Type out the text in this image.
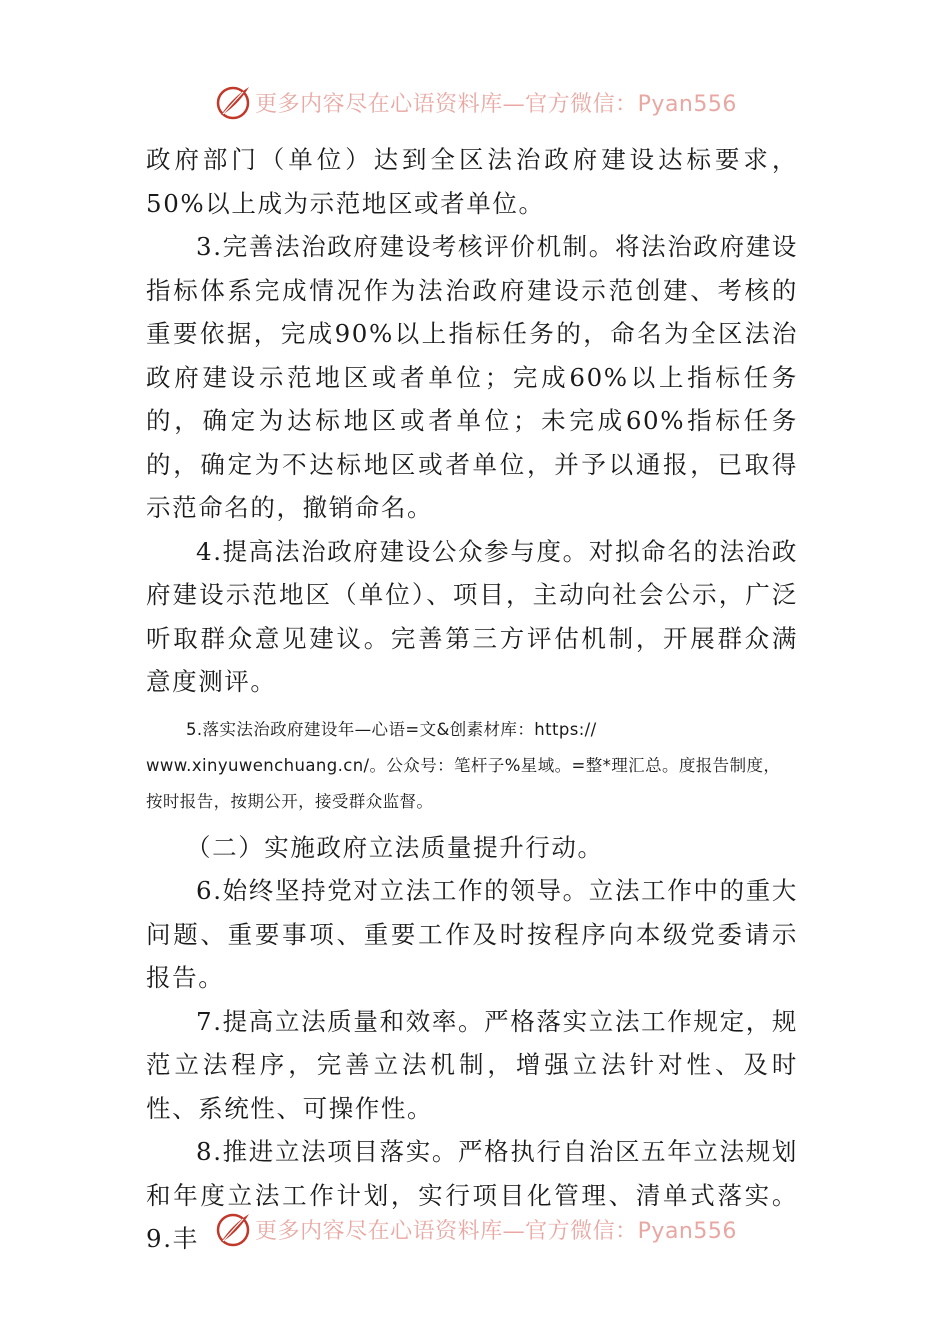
更多内容尽在心语资料库—官方微信：Pyan556

政府部门（单位）达到全区法治政府建设达标要求，50%以上成为示范地区或者单位。

3.完善法治政府建设考核评价机制。将法治政府建设指标体系完成情况作为法治政府建设示范创建、考核的重要依据，完成90%以上指标任务的，命名为全区法治政府建设示范地区或者单位；完成60%以上指标任务的，确定为达标地区或者单位；未完成60%指标任务的，确定为不达标地区或者单位，并予以通报，已取得示范命名的，撤销命名。

4.提高法治政府建设公众参与度。对拟命名的法治政府建设示范地区（单位）、项目，主动向社会公示，广泛听取群众意见建议。完善第三方评估机制，开展群众满意度测评。

5.落实法治政府建设年—心语=文&创素材库：https://
www.xinyuwenchuang.cn/。公众号：笔杆子%星域。=整*理汇总。度报告制度，
按时报告，按期公开，接受群众监督。

（二）实施政府立法质量提升行动。

6.始终坚持党对立法工作的领导。立法工作中的重大问题、重要事项、重要工作及时按程序向本级党委请示报告。

7.提高立法质量和效率。严格落实立法工作规定，规范立法程序，完善立法机制，增强立法针对性、及时性、系统性、可操作性。

8.推进立法项目落实。严格执行自治区五年立法规划和年度立法工作计划，实行项目化管理、清单式落实。9.丰	更多内容尽在心语资料库—官方微信：Pyan556
